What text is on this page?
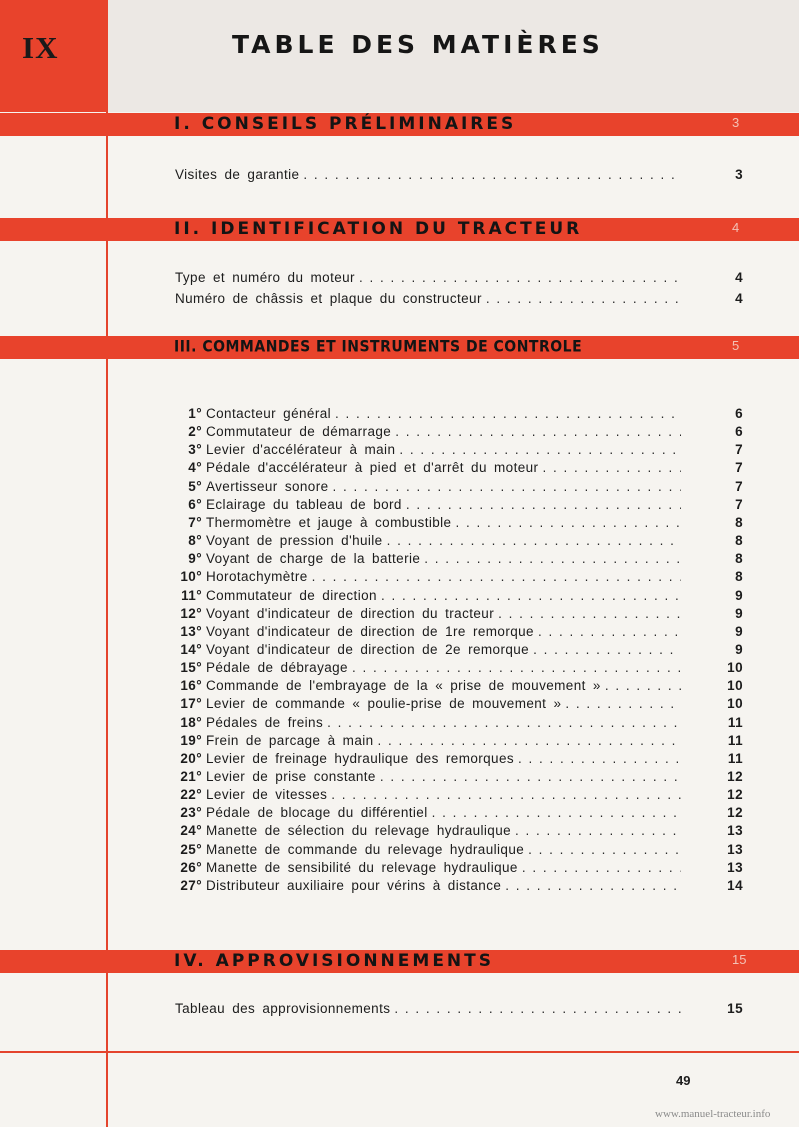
IX	TABLE DES MATIÈRES
I. CONSEILS PRÉLIMINAIRES	3
Visites de garantie . . .	3
II. IDENTIFICATION DU TRACTEUR	4
Type et numéro du moteur . . .	4
Numéro de châssis et plaque du constructeur . . .	4
III. COMMANDES ET INSTRUMENTS DE CONTROLE	5
1° Contacteur général . . .	6
2° Commutateur de démarrage . . .	6
3° Levier d'accélérateur à main . . .	7
4° Pédale d'accélérateur à pied et d'arrêt du moteur . . .	7
5° Avertisseur sonore . . .	7
6° Eclairage du tableau de bord . . .	7
7° Thermomètre et jauge à combustible . . .	8
8° Voyant de pression d'huile . . .	8
9° Voyant de charge de la batterie . . .	8
10° Horotachymètre . . .	8
11° Commutateur de direction . . .	9
12° Voyant d'indicateur de direction du tracteur . . .	9
13° Voyant d'indicateur de direction de 1re remorque . . .	9
14° Voyant d'indicateur de direction de 2e remorque . . .	9
15° Pédale de débrayage . . .	10
16° Commande de l'embrayage de la « prise de mouvement » . . .	10
17° Levier de commande « poulie-prise de mouvement » . . .	10
18° Pédales de freins . . .	11
19° Frein de parcage à main . . .	11
20° Levier de freinage hydraulique des remorques . . .	11
21° Levier de prise constante . . .	12
22° Levier de vitesses . . .	12
23° Pédale de blocage du différentiel . . .	12
24° Manette de sélection du relevage hydraulique . . .	13
25° Manette de commande du relevage hydraulique . . .	13
26° Manette de sensibilité du relevage hydraulique . . .	13
27° Distributeur auxiliaire pour vérins à distance . . .	14
IV. APPROVISIONNEMENTS	15
Tableau des approvisionnements . . .	15
49
www.manuel-tracteur.info
